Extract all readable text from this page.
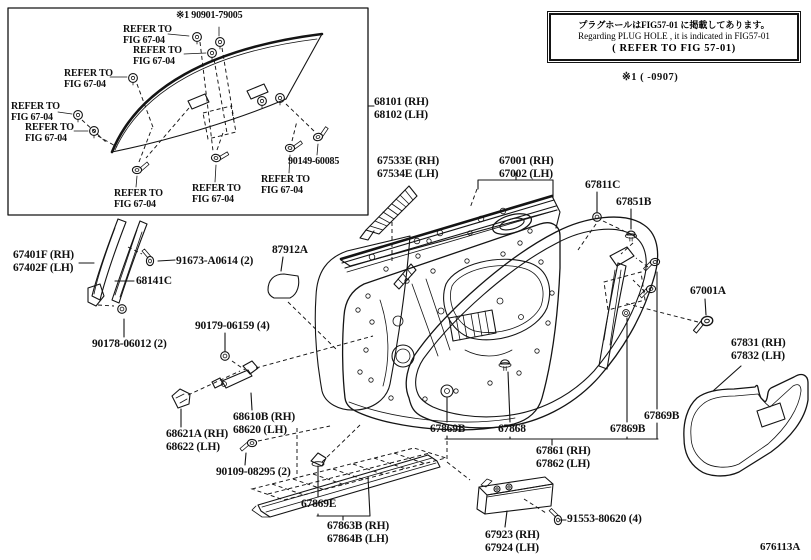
※1 90901-79005
REFER TO
FIG 67-04
REFER TO
FIG 67-04
REFER TO
FIG 67-04
REFER TO
FIG 67-04
REFER TO
FIG 67-04
REFER TO
FIG 67-04
REFER TO
FIG 67-04
REFER TO
FIG 67-04
90149-60085
68101 (RH)
68102 (LH)
67533E (RH)
67534E (LH)
67001 (RH)
67002 (LH)
67811C
67851B
87912A
67401F (RH)
67402F (LH)
91673-A0614 (2)
68141C
90179-06159 (4)
90178-06012 (2)
67001A
67831 (RH)
67832 (LH)
68610B (RH)
68620 (LH)
68621A (RH)
68622 (LH)
90109-08295 (2)
67869B	67868	67869B
67869B
67861 (RH)
67862 (LH)
67869E
67863B (RH)
67864B (LH)	67923 (RH)
67924 (LH)
91553-80620 (4)
プラグホールはFIG57-01 に掲載してあります。
Regarding PLUG HOLE , it is indicated in FIG57-01
( REFER TO FIG 57-01)
※1 ( -0907)
676113A
